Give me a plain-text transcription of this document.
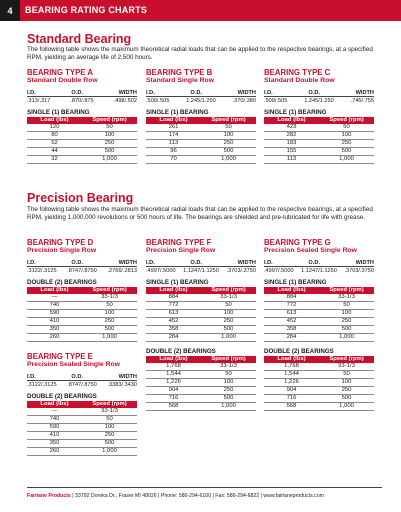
4	BEARING RATING CHARTS
Standard Bearing
The following table shows the maximum theoretical radial loads that can be applied to the respective bearings, at a specified RPM, yielding an average life of 2,500 hours.
Precision Bearing
The following table shows the maximum theoretical radial loads that can be applied to the respective bearings, at a specified RPM, yielding 1,000,000 revolutions or 500 hours of life. The bearings are shielded and pre-lubricated for life with grease.
BEARING TYPE A
Standard Double Row
I.D.	O.D.	WIDTH
.313/.317	.870/.875	.498/.502
SINGLE (1) BEARING
Load (lbs)	Speed (rpm)
120	50
80	100
52	250
44	500
32	1,000
BEARING TYPE B
Standard Single Row
I.D.	O.D.	WIDTH
.500/.505	1.245/1.250	.370/.380
SINGLE (1) BEARING
Load (lbs)	Speed (rpm)
261	50
174	100
113	250
96	500
70	1,000
BEARING TYPE C
Standard Double Row
I.D.	O.D.	WIDTH
.500/.505	1.245/1.250	.745/.755
SINGLE (1) BEARING
Load (lbs)	Speed (rpm)
423	50
282	100
183	250
155	500
113	1,000
BEARING TYPE D
Precision Single Row
I.D.	O.D.	WIDTH
.3122/.3125 .8747/.8750 .2766/.2813
DOUBLE (2) BEARINGS
Load (lbs)	Speed (rpm)
—	33-1/3
740	50
590	100
410	250
350	500
260	1,000
BEARING TYPE F
Precision Single Row
I.D.	O.D.	WIDTH
.4997/.5000 1.1247/1.1250 .3703/.3750
SINGLE (1) BEARING
Load (lbs)	Speed (rpm)
884	33-1/3
772	50
613	100
452	250
358	500
284	1,000
DOUBLE (2) BEARINGS
Load (lbs)	Speed (rpm)
1,768	33-1/3
1,544	50
1,226	100
904	250
716	500
568	1,000
BEARING TYPE G
Precision Sealed Single Row
I.D.	O.D.	WIDTH
.4997/.5000 1.1247/1.1250 .3703/.3750
SINGLE (1) BEARING
Load (lbs)	Speed (rpm)
884	33-1/3
772	50
613	100
452	250
358	500
284	1,000
DOUBLE (2) BEARINGS
Load (lbs)	Speed (rpm)
1,768	33-1/3
1,544	50
1,226	100
904	250
716	500
568	1,000
BEARING TYPE E
Precision Sealed Single Row
I.D.	O.D.	WIDTH
.3122/.3125 .8747/.8750 .3383/.3430
DOUBLE (2) BEARINGS
Load (lbs)	Speed (rpm)
—	33-1/3
740	50
590	100
410	250
350	500
260	1,000
Fairlane Products | 33792 Doreka Dr., Fraser MI 48026 | Phone: 586-294-6100 | Fax: 586-294-6822 | www.fairlaneproducts.com
